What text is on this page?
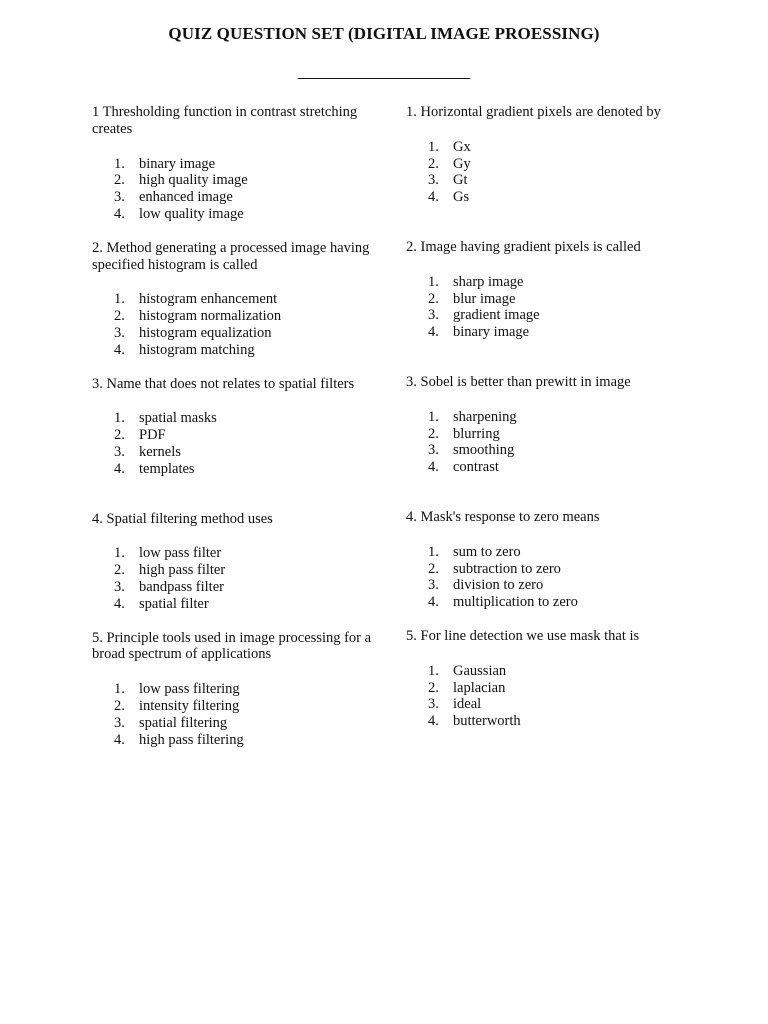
QUIZ QUESTION SET (DIGITAL IMAGE PROESSING)

1 Thresholding function in contrast stretching creates

1. binary image
2. high quality image
3. enhanced image
4. low quality image

2. Method generating a processed image having specified histogram is called

1. histogram enhancement
2. histogram normalization
3. histogram equalization
4. histogram matching

3. Name that does not relates to spatial filters

1. spatial masks
2. PDF
3. kernels
4. templates

4. Spatial filtering method uses

1. low pass filter
2. high pass filter
3. bandpass filter
4. spatial filter

5. Principle tools used in image processing for a broad spectrum of applications

1. low pass filtering
2. intensity filtering
3. spatial filtering
4. high pass filtering

1. Horizontal gradient pixels are denoted by

1. Gx
2. Gy
3. Gt
4. Gs

2. Image having gradient pixels is called

1. sharp image
2. blur image
3. gradient image
4. binary image

3. Sobel is better than prewitt in image

1. sharpening
2. blurring
3. smoothing
4. contrast

4. Mask's response to zero means

1. sum to zero
2. subtraction to zero
3. division to zero
4. multiplication to zero

5. For line detection we use mask that is

1. Gaussian
2. laplacian
3. ideal
4. butterworth
